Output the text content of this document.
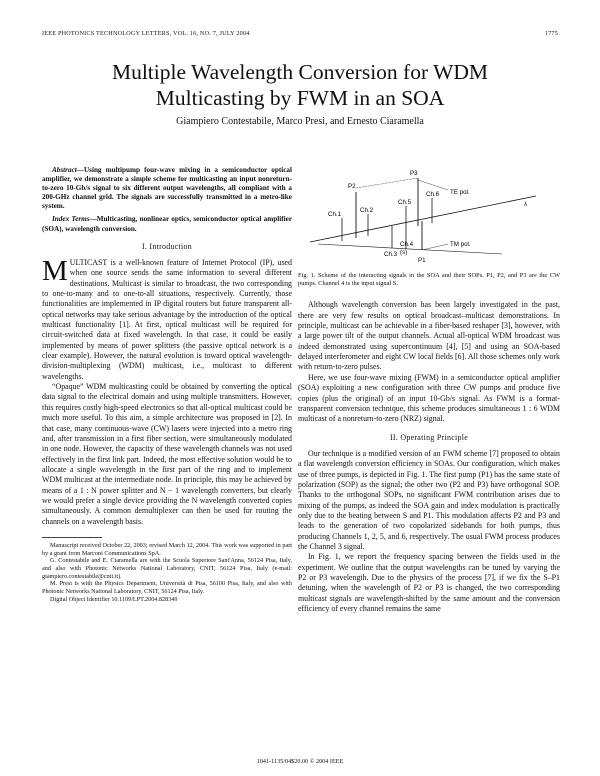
IEEE PHOTONICS TECHNOLOGY LETTERS, VOL. 16, NO. 7, JULY 2004	1775
Multiple Wavelength Conversion for WDM
Multicasting by FWM in an SOA
Giampiero Contestabile, Marco Presi, and Ernesto Ciaramella

Abstract—Using multipump four-wave mixing in a semiconductor optical amplifier, we demonstrate a simple scheme for multicasting an input nonreturn-to-zero 10-Gb/s signal to six different output wavelengths, all compliant with a 200-GHz channel grid. The signals are successfully transmitted in a metro-like system.

Index Terms—Multicasting, nonlinear optics, semiconductor optical amplifier (SOA), wavelength conversion.

I. Introduction

MULTICAST is a well-known feature of Internet Protocol (IP), used when one source sends the same information to several different destinations. Multicast is similar to broadcast, the two corresponding to one-to-many and to one-to-all situations, respectively. Currently, those functionalities are implemented in IP digital routers but future transparent all-optical networks may take serious advantage by the introduction of the optical multicast functionality [1]. At first, optical multicast will be required for circuit-switched data at fixed wavelength. In that case, it could be easily implemented by means of power splitters (the passive optical network is a clear example). However, the natural evolution is toward optical wavelength-division-multiplexing (WDM) multicast, i.e., multicast to different wavelengths.

“Opaque” WDM multicasting could be obtained by converting the optical data signal to the electrical domain and using multiple transmitters. However, this requires costly high-speed electronics so that all-optical multicast could be much more useful. To this aim, a simple architecture was proposed in [2]. In that case, many continuous-wave (CW) lasers were injected into a metro ring and, after transmission in a first fiber section, were simultaneously modulated in one node. However, the capacity of these wavelength channels was not used effectively in the first link part. Indeed, the most effective solution would be to allocate a single wavelength in the first part of the ring and to implement WDM multicast at the intermediate node. In principle, this may be achieved by means of a 1 : N power splitter and N − 1 wavelength converters, but clearly we would prefer a single device providing the N wavelength converted copies simultaneously. A common demultiplexer can then be used for routing the channels on a wavelength basis.

Manuscript received October 22, 2003; revised March 12, 2004. This work was supported in part by a grant from Marconi Communications SpA.

G. Contestabile and E. Ciaramella are with the Scuola Superiore Sant'Anna, 56124 Pisa, Italy, and also with Photonic Networks National Laboratory, CNIT, 56124 Pisa, Italy (e-mail: giampiero.contestabile@cnit.it).

M. Presi is with the Physics Department, Università di Pisa, 56100 Pisa, Italy, and also with Photonic Networks National Laboratory, CNIT, 56124 Pisa, Italy.

Digital Object Identifier 10.1109/LPT.2004.828349

P2
P3
P1
Ch.1
Ch.2
Ch.3
Ch.4
(s)
Ch.5
Ch.6 TE pol.
TM pol.
λ

Fig. 1. Scheme of the interacting signals in the SOA and their SOPs. P1, P2, and P3 are the CW pumps. Channel 4 is the input signal S.

Although wavelength conversion has been largely investigated in the past, there are very few results on optical broadcast–multicast demonstrations. In principle, multicast can be achievable in a fiber-based reshaper [3], however, with a large power tilt of the output channels. Actual all-optical WDM broadcast was indeed demonstrated using supercontinuum [4], [5] and using an SOA-based delayed interferometer and eight CW local fields [6]. All those schemes only work with return-to-zero pulses.

Here, we use four-wave mixing (FWM) in a semiconductor optical amplifier (SOA) exploiting a new configuration with three CW pumps and produce five copies (plus the original) of an input 10-Gb/s signal. As FWM is a format-transparent conversion technique, this scheme produces simultaneous 1 : 6 WDM multicast of a nonreturn-to-zero (NRZ) signal.

II. Operating Principle

Our technique is a modified version of an FWM scheme [7] proposed to obtain a flat wavelength conversion efficiency in SOAs. Our configuration, which makes use of three pumps, is depicted in Fig. 1. The first pump (P1) has the same state of polarization (SOP) as the signal; the other two (P2 and P3) have orthogonal SOP. Thanks to the orthogonal SOPs, no significant FWM contribution arises due to mixing of the pumps, as indeed the SOA gain and index modulation is practically only due to the beating between S and P1. This modulation affects P2 and P3 and leads to the generation of two copolarized sidebands for both pumps, thus producing Channels 1, 2, 5, and 6, respectively. The usual FWM process produces the Channel 3 signal.

In Fig. 1, we report the frequency spacing between the fields used in the experiment. We outline that the output wavelengths can be tuned by varying the P2 or P3 wavelength. Due to the physics of the process [7], if we fix the S–P1 detuning, when the wavelength of P2 or P3 is changed, the two corresponding multicast signals are wavelength-shifted by the same amount and the conversion efficiency of every channel remains the same

1041-1135/04$20.00 © 2004 IEEE
